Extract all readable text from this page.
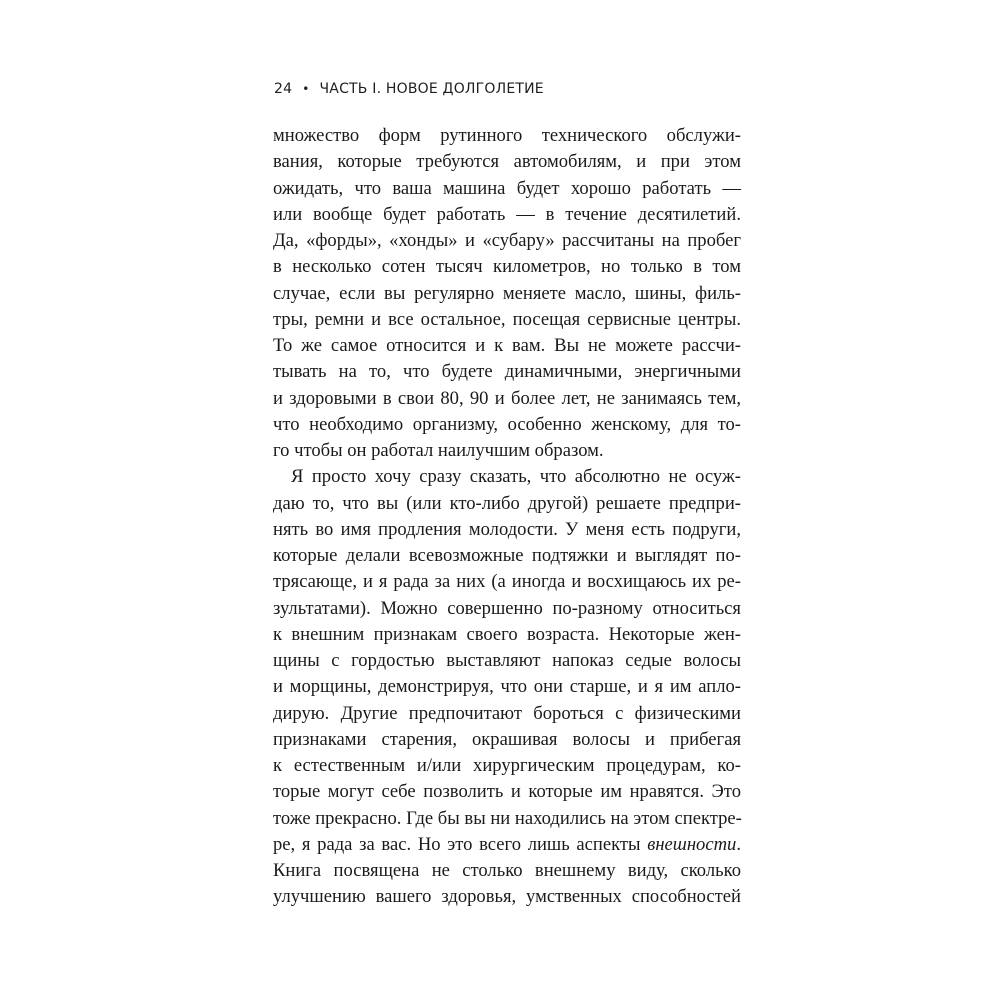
24 • ЧАСТЬ I. НОВОЕ ДОЛГОЛЕТИЕ
множество форм рутинного технического обслужи-
вания, которые требуются автомобилям, и при этом
ожидать, что ваша машина будет хорошо работать —
или вообще будет работать — в течение десятилетий.
Да, «форды», «хонды» и «субару» рассчитаны на пробег
в несколько сотен тысяч километров, но только в том
случае, если вы регулярно меняете масло, шины, филь-
тры, ремни и все остальное, посещая сервисные центры.
То же самое относится и к вам. Вы не можете рассчи-
тывать на то, что будете динамичными, энергичными
и здоровыми в свои 80, 90 и более лет, не занимаясь тем,
что необходимо организму, особенно женскому, для то-
го чтобы он работал наилучшим образом.
Я просто хочу сразу сказать, что абсолютно не осуж-
даю то, что вы (или кто-либо другой) решаете предпри-
нять во имя продления молодости. У меня есть подруги,
которые делали всевозможные подтяжки и выглядят по-
трясающе, и я рада за них (а иногда и восхищаюсь их ре-
зультатами). Можно совершенно по-разному относиться
к внешним признакам своего возраста. Некоторые жен-
щины с гордостью выставляют напоказ седые волосы
и морщины, демонстрируя, что они старше, и я им апло-
дирую. Другие предпочитают бороться с физическими
признаками старения, окрашивая волосы и прибегая
к естественным и/или хирургическим процедурам, ко-
торые могут себе позволить и которые им нравятся. Это
тоже прекрасно. Где бы вы ни находились на этом спектре-
ре, я рада за вас. Но это всего лишь аспекты внешности.
Книга посвящена не столько внешнему виду, сколько
улучшению вашего здоровья, умственных способностей
